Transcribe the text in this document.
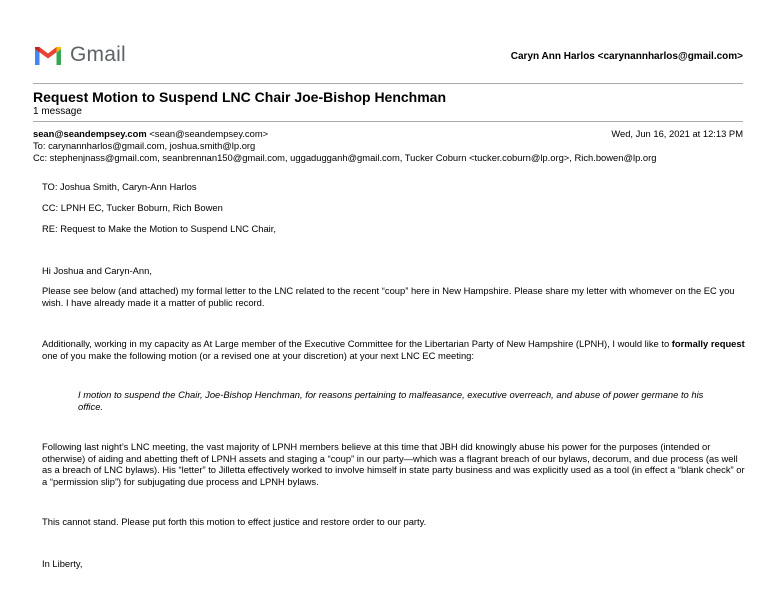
Gmail	Caryn Ann Harlos <carynannharlos@gmail.com>
Request Motion to Suspend LNC Chair Joe-Bishop Henchman
1 message
sean@seandempsey.com <sean@seandempsey.com>	Wed, Jun 16, 2021 at 12:13 PM
To: carynannharlos@gmail.com, joshua.smith@lp.org
Cc: stephenjnass@gmail.com, seanbrennan150@gmail.com, uggadugganh@gmail.com, Tucker Coburn <tucker.coburn@lp.org>, Rich.bowen@lp.org

TO: Joshua Smith, Caryn-Ann Harlos

CC: LPNH EC, Tucker Boburn, Rich Bowen

RE: Request to Make the Motion to Suspend LNC Chair,

Hi Joshua and Caryn-Ann,

Please see below (and attached) my formal letter to the LNC related to the recent “coup” here in New Hampshire. Please share my letter with whomever on the EC you wish. I have already made it a matter of public record.

Additionally, working in my capacity as At Large member of the Executive Committee for the Libertarian Party of New Hampshire (LPNH), I would like to formally request one of you make the following motion (or a revised one at your discretion) at your next LNC EC meeting:

I motion to suspend the Chair, Joe-Bishop Henchman, for reasons pertaining to malfeasance, executive overreach, and abuse of power germane to his office.

Following last night’s LNC meeting, the vast majority of LPNH members believe at this time that JBH did knowingly abuse his power for the purposes (intended or otherwise) of aiding and abetting theft of LPNH assets and staging a “coup” in our party—which was a flagrant breach of our bylaws, decorum, and due process (as well as a breach of LNC bylaws). His “letter” to Jilletta effectively worked to involve himself in state party business and was explicitly used as a tool (in effect a “blank check” or a “permission slip”) for subjugating due process and LPNH bylaws.

This cannot stand. Please put forth this motion to effect justice and restore order to our party.

In Liberty,
